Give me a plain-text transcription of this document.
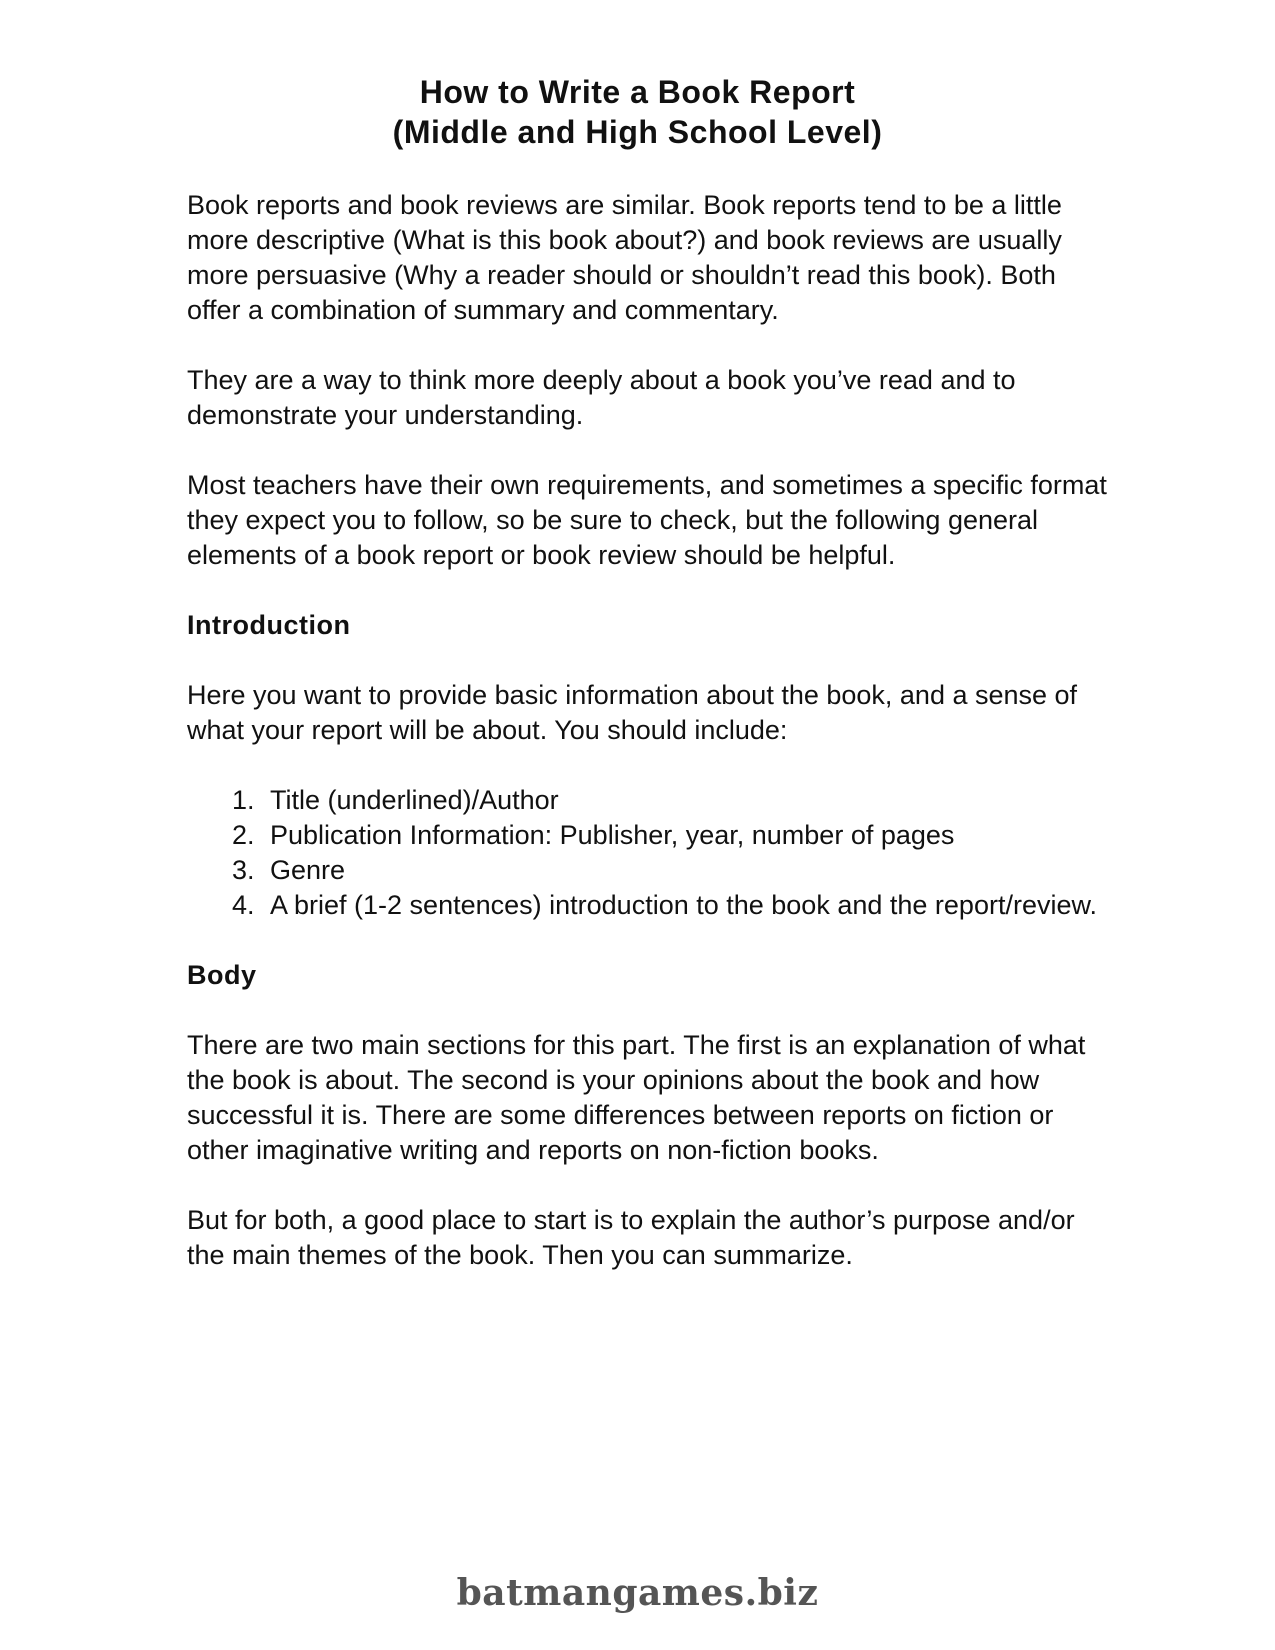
How to Write a Book Report
(Middle and High School Level)

Book reports and book reviews are similar. Book reports tend to be a little more descriptive (What is this book about?) and book reviews are usually more persuasive (Why a reader should or shouldn’t read this book). Both offer a combination of summary and commentary.

They are a way to think more deeply about a book you’ve read and to demonstrate your understanding.

Most teachers have their own requirements, and sometimes a specific format they expect you to follow, so be sure to check, but the following general elements of a book report or book review should be helpful.

Introduction

Here you want to provide basic information about the book, and a sense of what your report will be about. You should include:

1. Title (underlined)/Author
2. Publication Information: Publisher, year, number of pages
3. Genre
4. A brief (1-2 sentences) introduction to the book and the report/review.
Body

There are two main sections for this part. The first is an explanation of what the book is about. The second is your opinions about the book and how successful it is. There are some differences between reports on fiction or other imaginative writing and reports on non-fiction books.

But for both, a good place to start is to explain the author’s purpose and/or the main themes of the book. Then you can summarize.

batmangames.biz
